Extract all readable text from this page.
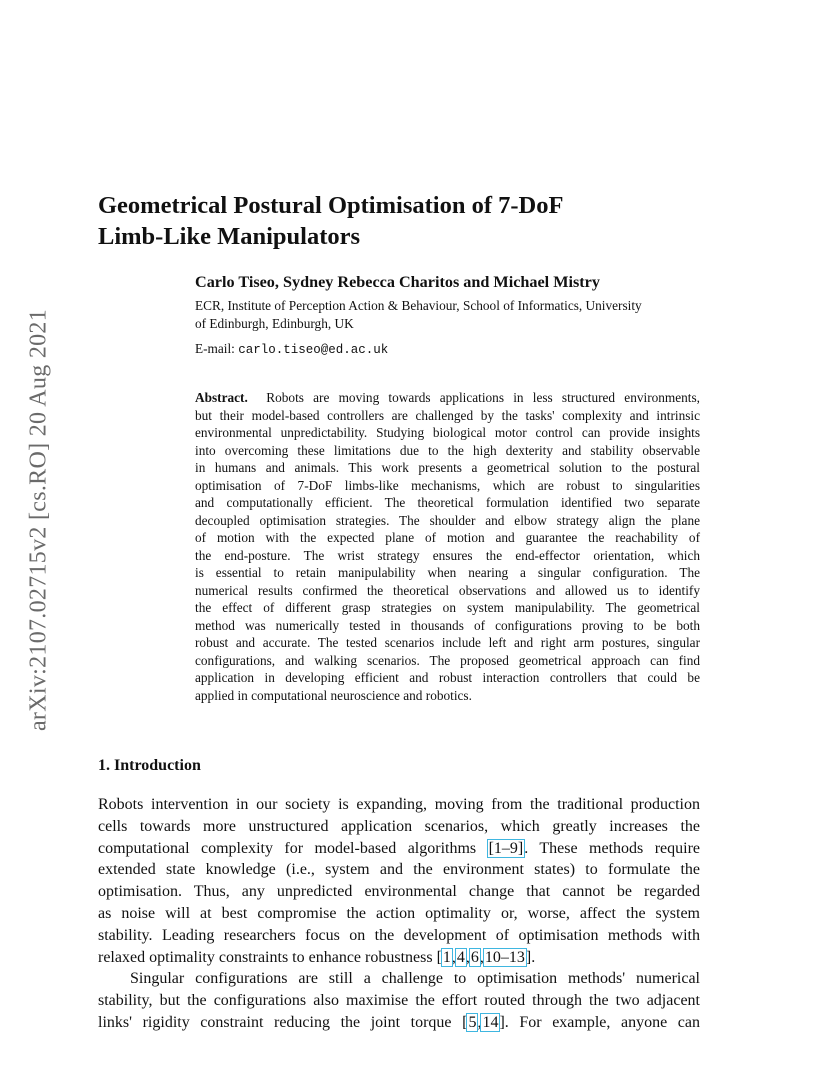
arXiv:2107.02715v2 [cs.RO] 20 Aug 2021
Geometrical Postural Optimisation of 7-DoF
Limb-Like Manipulators

Carlo Tiseo, Sydney Rebecca Charitos and Michael Mistry

ECR, Institute of Perception Action & Behaviour, School of Informatics, University
of Edinburgh, Edinburgh, UK

E-mail: carlo.tiseo@ed.ac.uk

Abstract. Robots are moving towards applications in less structured environments,
but their model-based controllers are challenged by the tasks' complexity and intrinsic
environmental unpredictability. Studying biological motor control can provide insights
into overcoming these limitations due to the high dexterity and stability observable
in humans and animals. This work presents a geometrical solution to the postural
optimisation of 7-DoF limbs-like mechanisms, which are robust to singularities
and computationally efficient. The theoretical formulation identified two separate
decoupled optimisation strategies. The shoulder and elbow strategy align the plane
of motion with the expected plane of motion and guarantee the reachability of
the end-posture. The wrist strategy ensures the end-effector orientation, which
is essential to retain manipulability when nearing a singular configuration. The
numerical results confirmed the theoretical observations and allowed us to identify
the effect of different grasp strategies on system manipulability. The geometrical
method was numerically tested in thousands of configurations proving to be both
robust and accurate. The tested scenarios include left and right arm postures, singular
configurations, and walking scenarios. The proposed geometrical approach can find
application in developing efficient and robust interaction controllers that could be
applied in computational neuroscience and robotics.
1. Introduction
Robots intervention in our society is expanding, moving from the traditional production
cells towards more unstructured application scenarios, which greatly increases the
computational complexity for model-based algorithms [1–9]. These methods require
extended state knowledge (i.e., system and the environment states) to formulate the
optimisation. Thus, any unpredicted environmental change that cannot be regarded
as noise will at best compromise the action optimality or, worse, affect the system
stability. Leading researchers focus on the development of optimisation methods with
relaxed optimality constraints to enhance robustness [1,4,6,10–13].
Singular configurations are still a challenge to optimisation methods' numerical
stability, but the configurations also maximise the effort routed through the two adjacent
links' rigidity constraint reducing the joint torque [5,14]. For example, anyone can
